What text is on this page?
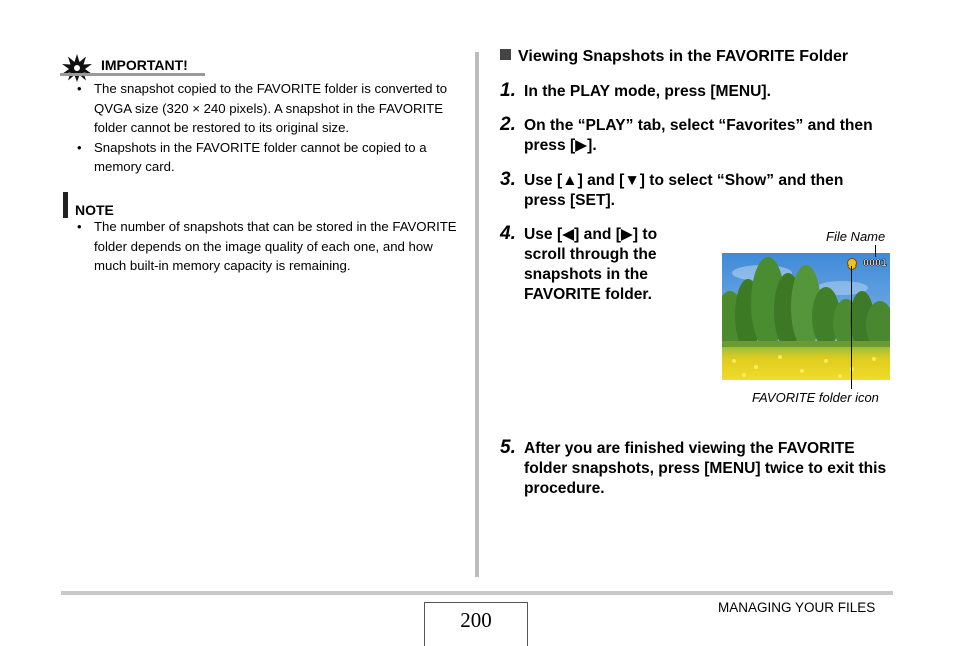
IMPORTANT!
• The snapshot copied to the FAVORITE folder is converted to QVGA size (320 × 240 pixels). A snapshot in the FAVORITE folder cannot be restored to its original size.
• Snapshots in the FAVORITE folder cannot be copied to a memory card.
NOTE
• The number of snapshots that can be stored in the FAVORITE folder depends on the image quality of each one, and how much built-in memory capacity is remaining.
Viewing Snapshots in the FAVORITE Folder
1. In the PLAY mode, press [MENU].
2. On the “PLAY” tab, select “Favorites” and then press [▶].
3. Use [▲] and [▼] to select “Show” and then press [SET].
4. Use [◀] and [▶] to scroll through the snapshots in the FAVORITE folder.
File Name
0001
FAVORITE folder icon
5. After you are finished viewing the FAVORITE folder snapshots, press [MENU] twice to exit this procedure.
200
MANAGING YOUR FILES
